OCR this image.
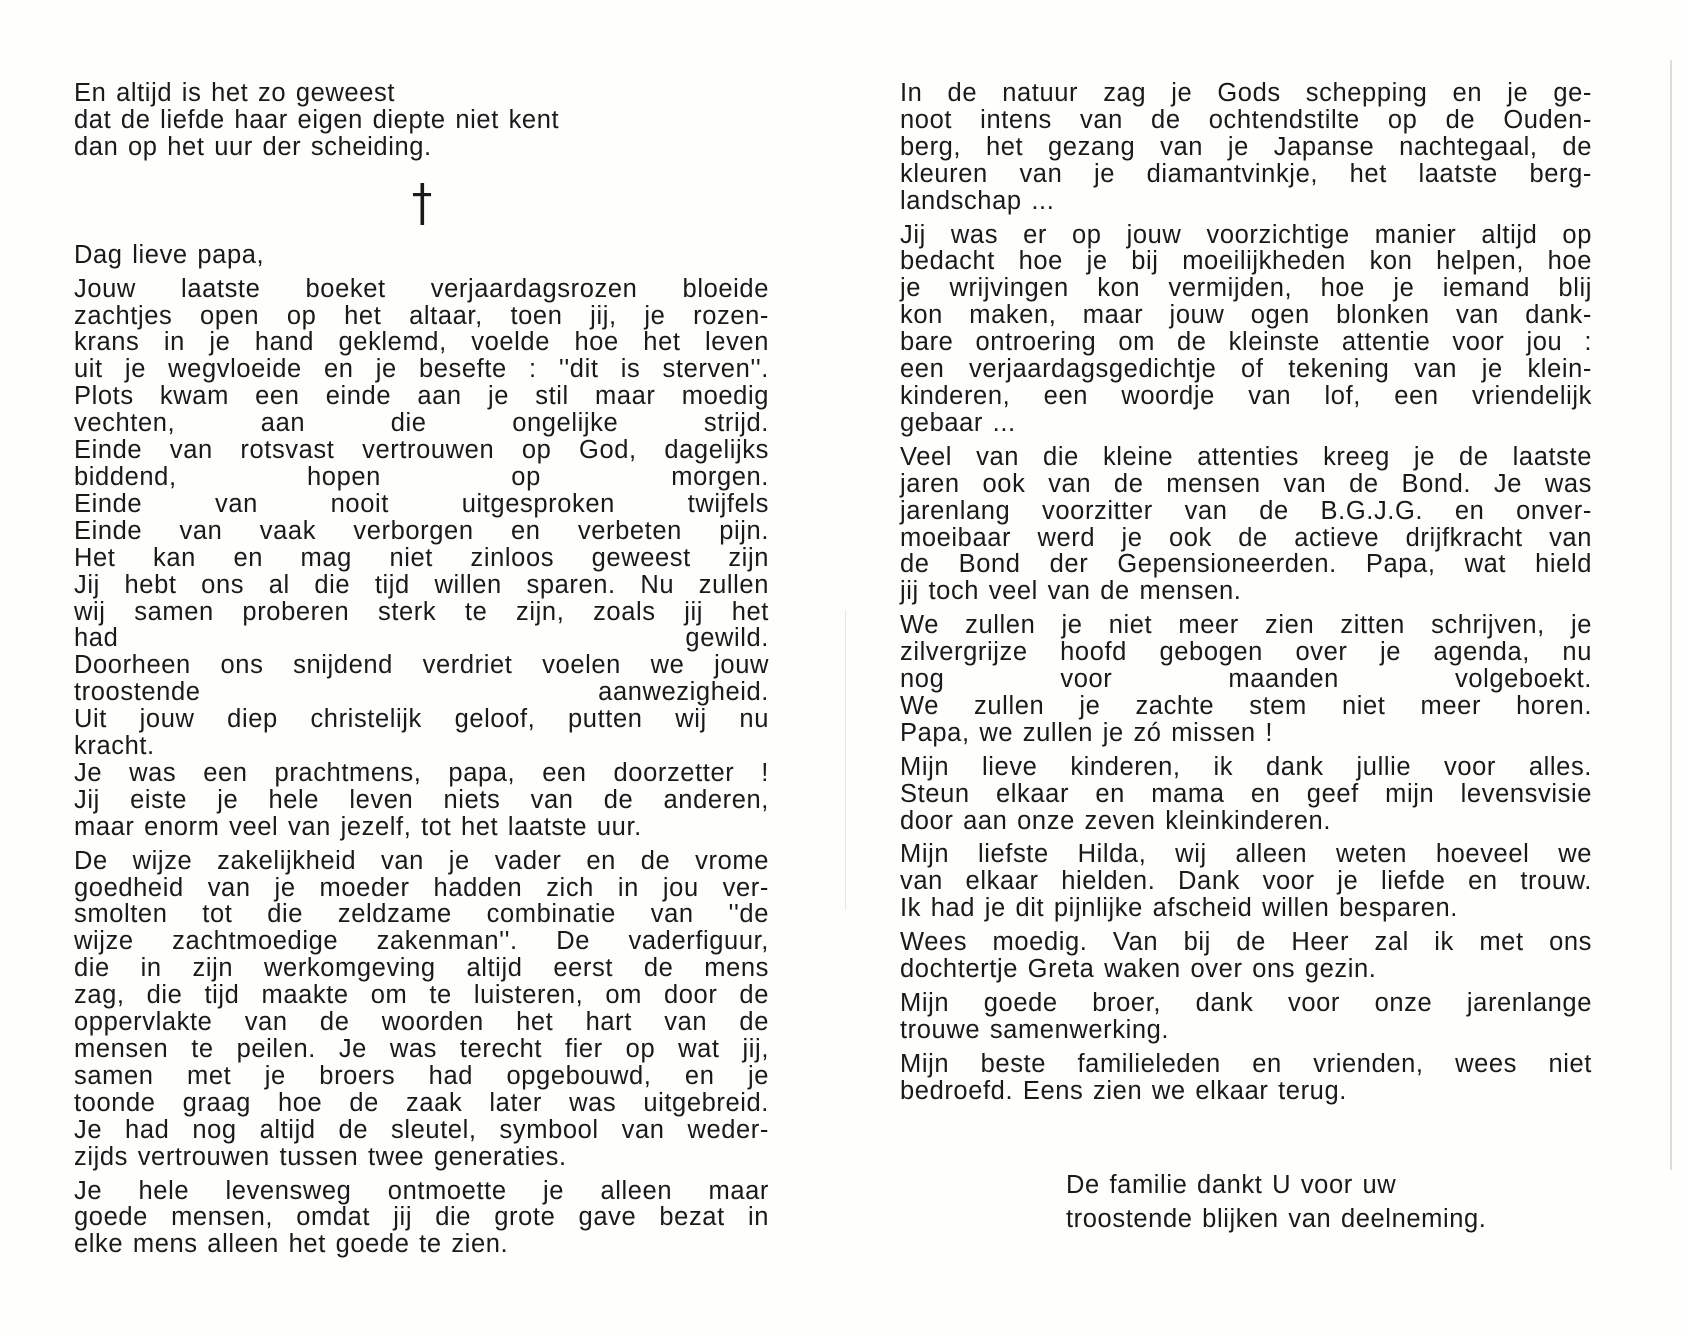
En altijd is het zo geweest
dat de liefde haar eigen diepte niet kent
dan op het uur der scheiding.
Dag lieve papa,
Jouw laatste boeket verjaardagsrozen bloeide
zachtjes open op het altaar, toen jij, je rozen-
krans in je hand geklemd, voelde hoe het leven
uit je wegvloeide en je besefte : ''dit is sterven''.
Plots kwam een einde aan je stil maar moedig
vechten, aan die ongelijke strijd.
Einde van rotsvast vertrouwen op God, dagelijks
biddend, hopen op morgen.
Einde van nooit uitgesproken twijfels
Einde van vaak verborgen en verbeten pijn.
Het kan en mag niet zinloos geweest zijn
Jij hebt ons al die tijd willen sparen. Nu zullen
wij samen proberen sterk te zijn, zoals jij het
had gewild.
Doorheen ons snijdend verdriet voelen we jouw
troostende aanwezigheid.
Uit jouw diep christelijk geloof, putten wij nu
kracht.
Je was een prachtmens, papa, een doorzetter !
Jij eiste je hele leven niets van de anderen,
maar enorm veel van jezelf, tot het laatste uur.
De wijze zakelijkheid van je vader en de vrome
goedheid van je moeder hadden zich in jou ver-
smolten tot die zeldzame combinatie van ''de
wijze zachtmoedige zakenman''. De vaderfiguur,
die in zijn werkomgeving altijd eerst de mens
zag, die tijd maakte om te luisteren, om door de
oppervlakte van de woorden het hart van de
mensen te peilen. Je was terecht fier op wat jij,
samen met je broers had opgebouwd, en je
toonde graag hoe de zaak later was uitgebreid.
Je had nog altijd de sleutel, symbool van weder-
zijds vertrouwen tussen twee generaties.
Je hele levensweg ontmoette je alleen maar
goede mensen, omdat jij die grote gave bezat in
elke mens alleen het goede te zien.
In de natuur zag je Gods schepping en je ge-
noot intens van de ochtendstilte op de Ouden-
berg, het gezang van je Japanse nachtegaal, de
kleuren van je diamantvinkje, het laatste berg-
landschap ...
Jij was er op jouw voorzichtige manier altijd op
bedacht hoe je bij moeilijkheden kon helpen, hoe
je wrijvingen kon vermijden, hoe je iemand blij
kon maken, maar jouw ogen blonken van dank-
bare ontroering om de kleinste attentie voor jou :
een verjaardagsgedichtje of tekening van je klein-
kinderen, een woordje van lof, een vriendelijk
gebaar ...
Veel van die kleine attenties kreeg je de laatste
jaren ook van de mensen van de Bond. Je was
jarenlang voorzitter van de B.G.J.G. en onver-
moeibaar werd je ook de actieve drijfkracht van
de Bond der Gepensioneerden. Papa, wat hield
jij toch veel van de mensen.
We zullen je niet meer zien zitten schrijven, je
zilvergrijze hoofd gebogen over je agenda, nu
nog voor maanden volgeboekt.
We zullen je zachte stem niet meer horen.
Papa, we zullen je zó missen !
Mijn lieve kinderen, ik dank jullie voor alles.
Steun elkaar en mama en geef mijn levensvisie
door aan onze zeven kleinkinderen.
Mijn liefste Hilda, wij alleen weten hoeveel we
van elkaar hielden. Dank voor je liefde en trouw.
Ik had je dit pijnlijke afscheid willen besparen.
Wees moedig. Van bij de Heer zal ik met ons
dochtertje Greta waken over ons gezin.
Mijn goede broer, dank voor onze jarenlange
trouwe samenwerking.
Mijn beste familieleden en vrienden, wees niet
bedroefd. Eens zien we elkaar terug.
De familie dankt U voor uw
troostende blijken van deelneming.
